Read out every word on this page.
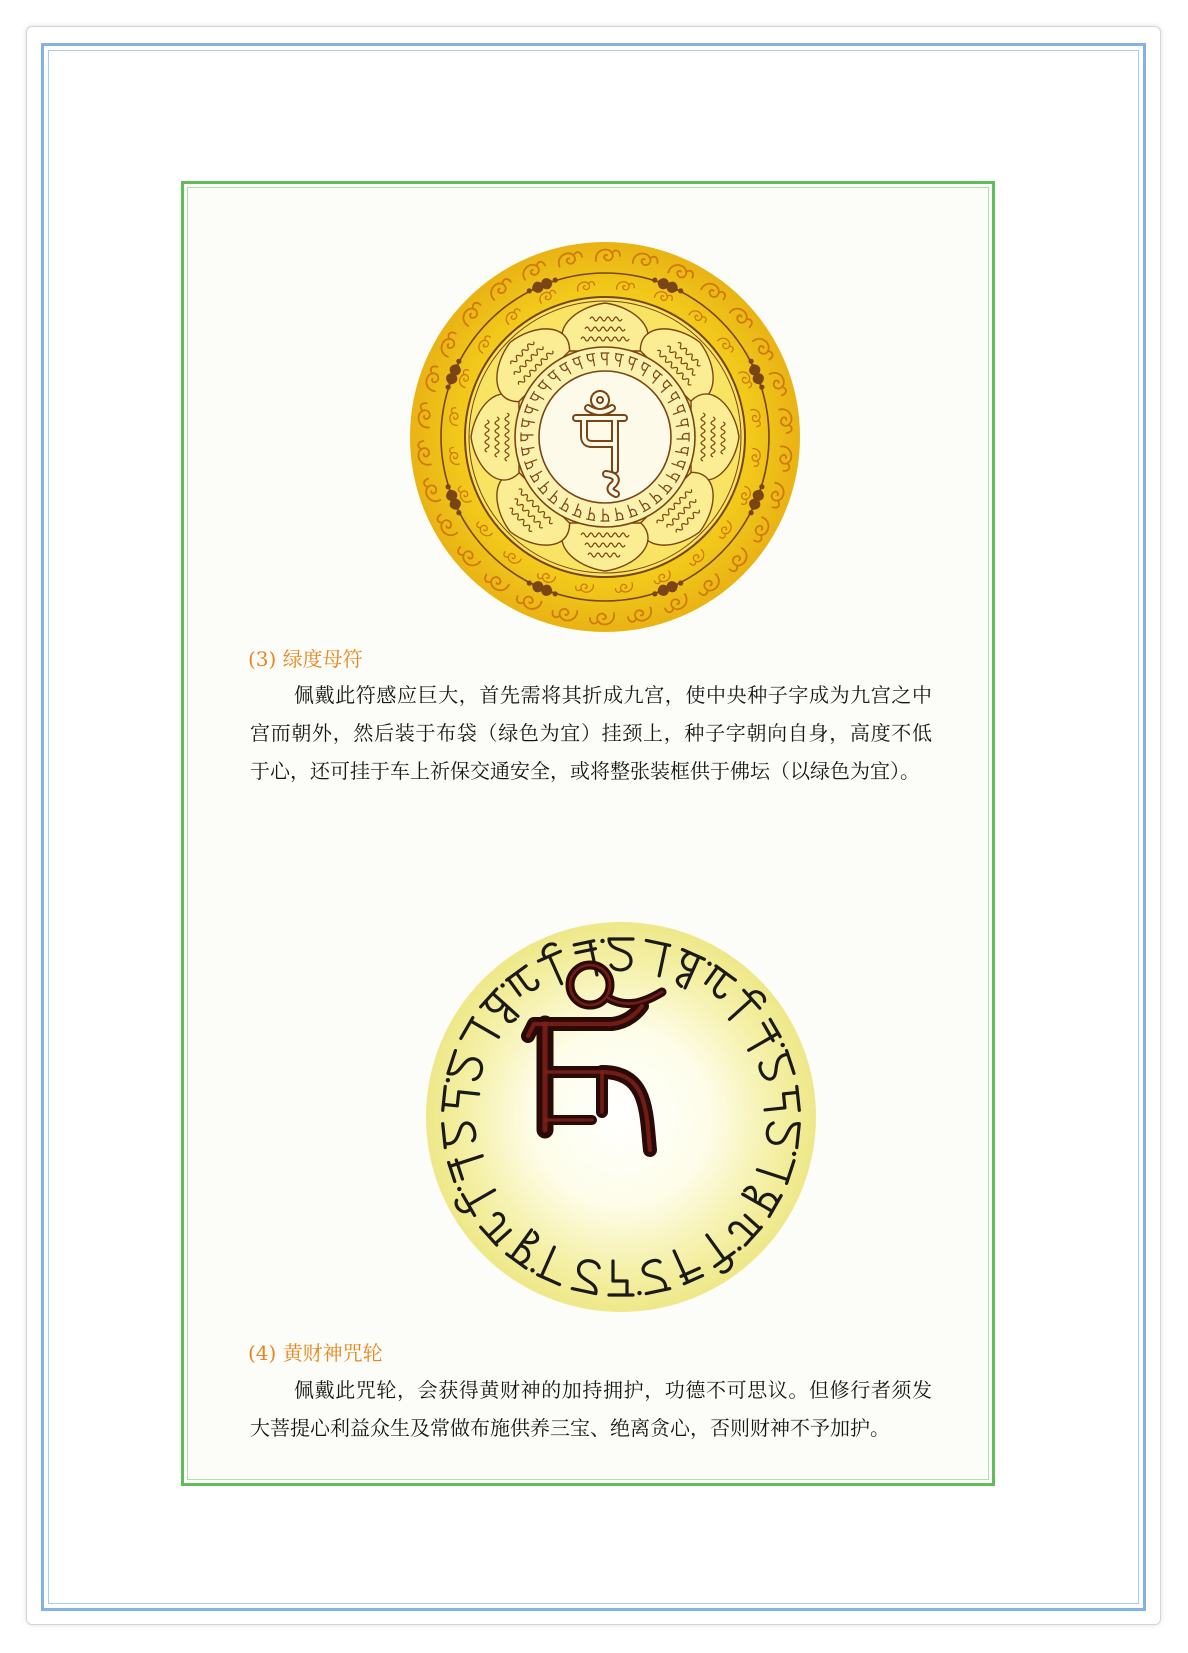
(3) 绿度母符
佩戴此符感应巨大，首先需将其折成九宫，使中央种子字成为九宫之中
宫而朝外，然后装于布袋（绿色为宜）挂颈上，种子字朝向自身，高度不低
于心，还可挂于车上祈保交通安全，或将整张装框供于佛坛（以绿色为宜）。
(4) 黄财神咒轮
佩戴此咒轮，会获得黄财神的加持拥护，功德不可思议。但修行者须发
大菩提心利益众生及常做布施供养三宝、绝离贪心，否则财神不予加护。
